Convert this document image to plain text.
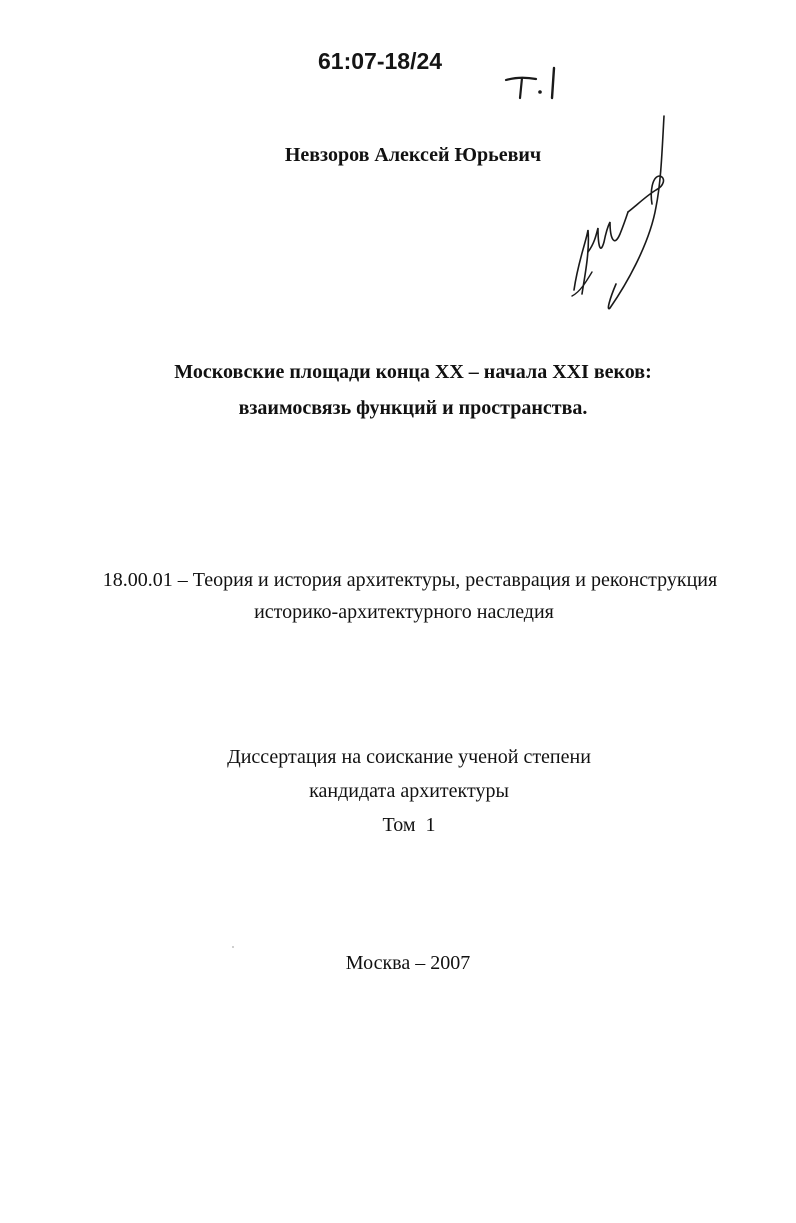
61:07-18/24
Невзоров Алексей Юрьевич
Московские площади конца XX – начала XXI веков:
взаимосвязь функций и пространства.
18.00.01 – Теория и история архитектуры, реставрация и реконструкция
историко-архитектурного наследия
Диссертация на соискание ученой степени
кандидата архитектуры
Том  1
Москва – 2007
